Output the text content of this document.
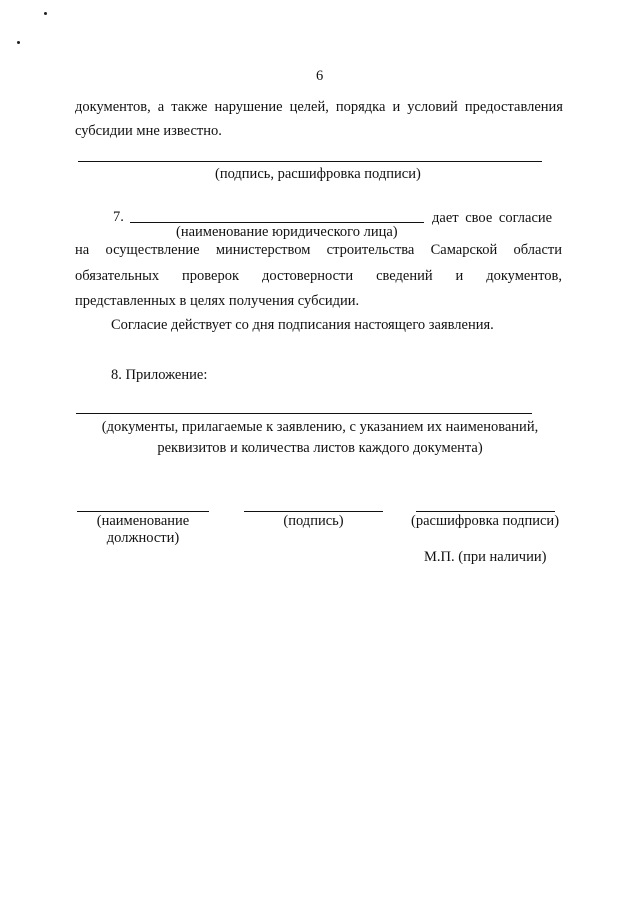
6
документов, а также нарушение целей, порядка и условий предоставления
субсидии мне известно.
(подпись, расшифровка подписи)
7.	дает свое согласие
(наименование юридического лица)
на осуществление министерством строительства Самарской области
обязательных проверок достоверности сведений и документов,
представленных в целях получения субсидии.
Согласие действует со дня подписания настоящего заявления.
8. Приложение:
(документы, прилагаемые к заявлению, с указанием их наименований,
реквизитов и количества листов каждого документа)
(наименование
должности)
(подпись)	(расшифровка подписи)
М.П. (при наличии)
